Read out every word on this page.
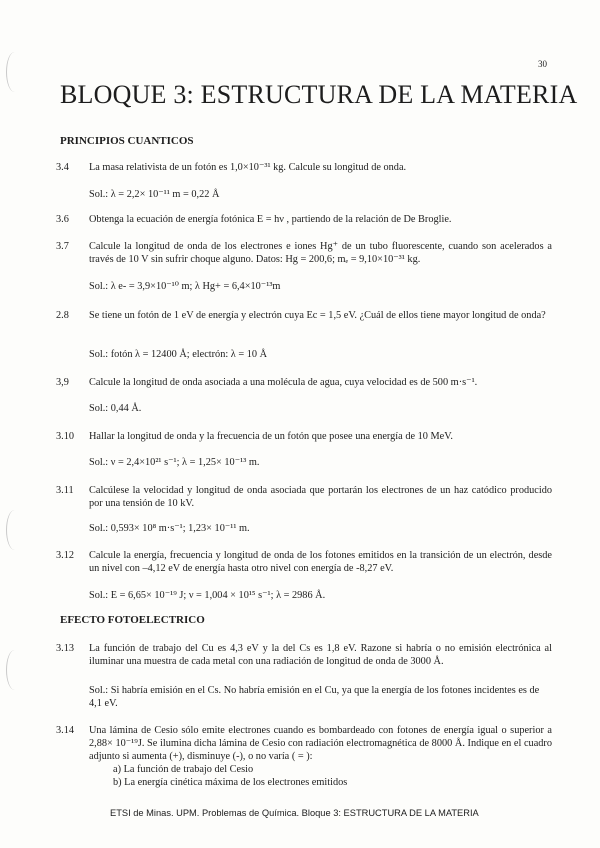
30
BLOQUE 3: ESTRUCTURA DE LA MATERIA
PRINCIPIOS CUANTICOS
3.4 La masa relativista de un fotón es 1,0×10⁻³¹ kg. Calcule su longitud de onda.
Sol.: λ = 2,2× 10⁻¹¹ m = 0,22 Å
3.6 Obtenga la ecuación de energía fotónica E = hν , partiendo de la relación de De Broglie.
3.7 Calcule la longitud de onda de los electrones e iones Hg⁺ de un tubo fluorescente, cuando son acelerados a través de 10 V sin sufrir choque alguno. Datos: Hg = 200,6; mₑ = 9,10×10⁻³¹ kg.
Sol.: λ e- = 3,9×10⁻¹⁰ m; λ Hg+ = 6,4×10⁻¹³m
2.8 Se tiene un fotón de 1 eV de energía y electrón cuya Ec = 1,5 eV. ¿Cuál de ellos tiene mayor longitud de onda?
Sol.: fotón λ = 12400 Å; electrón: λ = 10 Å
3,9 Calcule la longitud de onda asociada a una molécula de agua, cuya velocidad es de 500 m·s⁻¹.
Sol.: 0,44 Å.
3.10 Hallar la longitud de onda y la frecuencia de un fotón que posee una energía de 10 MeV.
Sol.: ν = 2,4×10²¹ s⁻¹; λ = 1,25× 10⁻¹³ m.
3.11 Calcúlese la velocidad y longitud de onda asociada que portarán los electrones de un haz catódico producido por una tensión de 10 kV.
Sol.: 0,593× 10⁸ m·s⁻¹; 1,23× 10⁻¹¹ m.
3.12 Calcule la energía, frecuencia y longitud de onda de los fotones emitidos en la transición de un electrón, desde un nivel con –4,12 eV de energía hasta otro nivel con energía de -8,27 eV.
Sol.: E = 6,65× 10⁻¹⁹ J; ν = 1,004 × 10¹⁵ s⁻¹; λ = 2986 Å.
EFECTO FOTOELECTRICO
3.13 La función de trabajo del Cu es 4,3 eV y la del Cs es 1,8 eV. Razone si habría o no emisión electrónica al iluminar una muestra de cada metal con una radiación de longitud de onda de 3000 Å.
Sol.: Si habría emisión en el Cs. No habría emisión en el Cu, ya que la energía de los fotones incidentes es de 4,1 eV.
3.14 Una lámina de Cesio sólo emite electrones cuando es bombardeado con fotones de energía igual o superior a 2,88× 10⁻¹⁹J. Se ilumina dicha lámina de Cesio con radiación electromagnética de 8000 Å. Indique en el cuadro adjunto si aumenta (+), disminuye (-), o no varía ( = ):
a) La función de trabajo del Cesio
b) La energía cinética máxima de los electrones emitidos
ETSI de Minas. UPM. Problemas de Química. Bloque 3: ESTRUCTURA DE LA MATERIA
